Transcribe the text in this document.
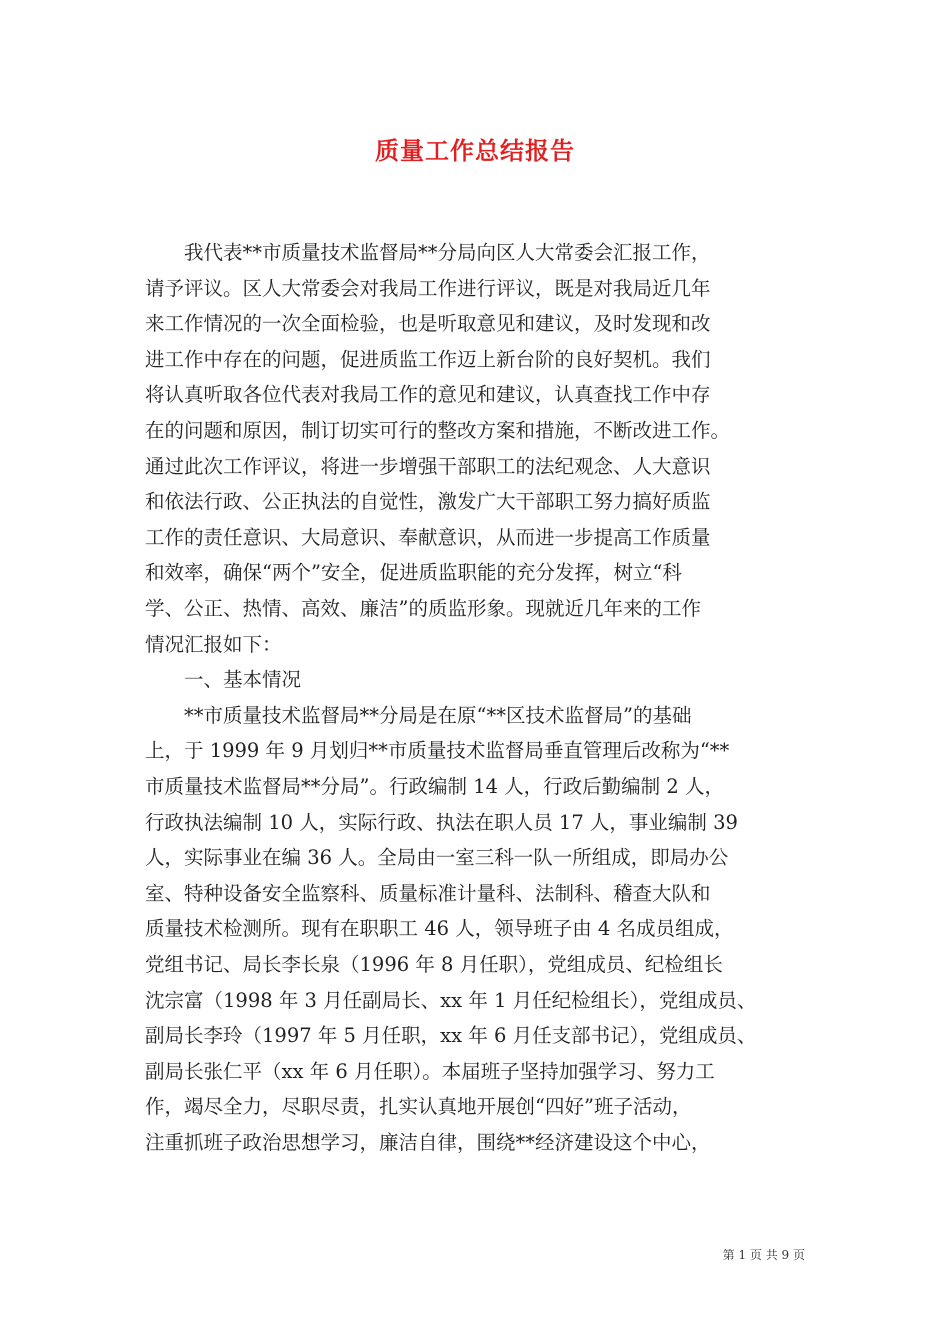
质量工作总结报告
　　我代表**市质量技术监督局**分局向区人大常委会汇报工作，
请予评议。区人大常委会对我局工作进行评议，既是对我局近几年
来工作情况的一次全面检验，也是听取意见和建议，及时发现和改
进工作中存在的问题，促进质监工作迈上新台阶的良好契机。我们
将认真听取各位代表对我局工作的意见和建议，认真查找工作中存
在的问题和原因，制订切实可行的整改方案和措施，不断改进工作。
通过此次工作评议，将进一步增强干部职工的法纪观念、人大意识
和依法行政、公正执法的自觉性，激发广大干部职工努力搞好质监
工作的责任意识、大局意识、奉献意识，从而进一步提高工作质量
和效率，确保“两个”安全，促进质监职能的充分发挥，树立“科
学、公正、热情、高效、廉洁”的质监形象。现就近几年来的工作
情况汇报如下：
　　一、基本情况
　　**市质量技术监督局**分局是在原“**区技术监督局”的基础
上，于 1999 年 9 月划归**市质量技术监督局垂直管理后改称为“**
市质量技术监督局**分局”。行政编制 14 人，行政后勤编制 2 人，
行政执法编制 10 人，实际行政、执法在职人员 17 人，事业编制 39
人，实际事业在编 36 人。全局由一室三科一队一所组成，即局办公
室、特种设备安全监察科、质量标准计量科、法制科、稽查大队和
质量技术检测所。现有在职职工 46 人，领导班子由 4 名成员组成，
党组书记、局长李长泉（1996 年 8 月任职），党组成员、纪检组长
沈宗富（1998 年 3 月任副局长、xx 年 1 月任纪检组长），党组成员、
副局长李玲（1997 年 5 月任职，xx 年 6 月任支部书记），党组成员、
副局长张仁平（xx 年 6 月任职）。本届班子坚持加强学习、努力工
作，竭尽全力，尽职尽责，扎实认真地开展创“四好”班子活动，
注重抓班子政治思想学习，廉洁自律，围绕**经济建设这个中心，
第 1 页 共 9 页
